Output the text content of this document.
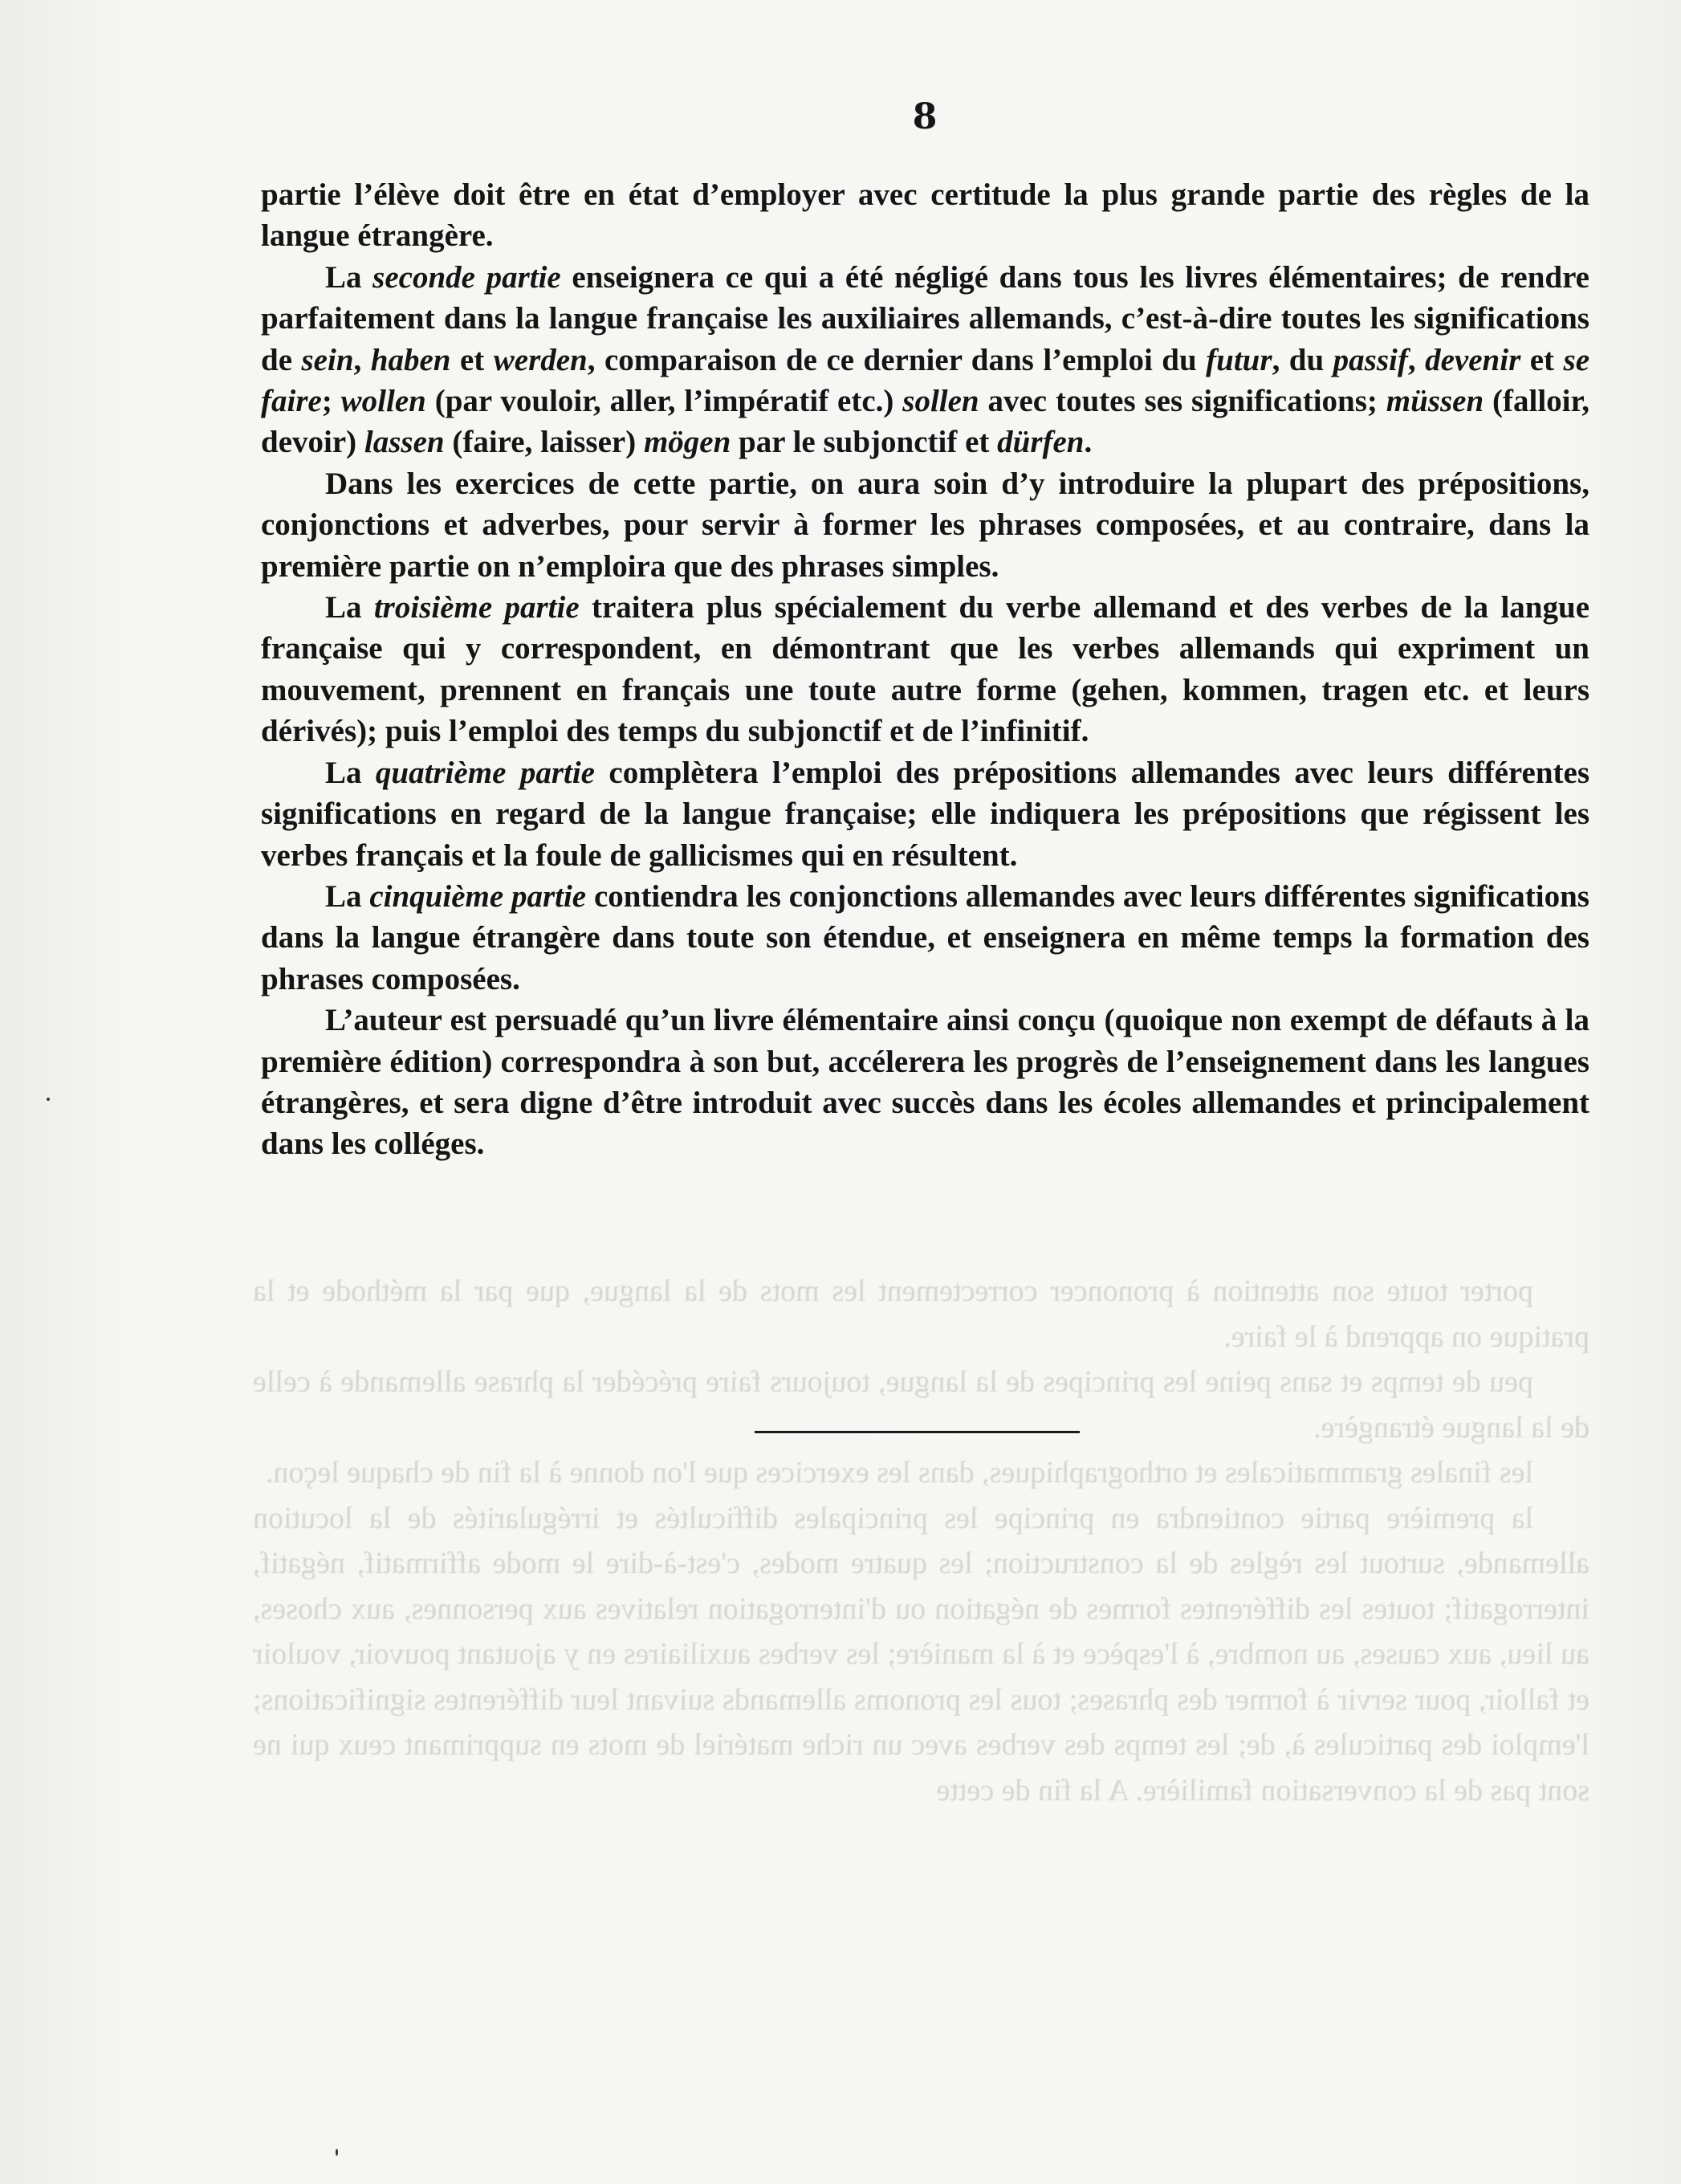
porter toute son attention à prononcer correctement les mots de la langue, que par la méthode et la pratique on apprend à le faire.

peu de temps et sans peine les principes de la langue, toujours faire précéder la phrase allemande à celle de la langue étrangère.

les finales grammaticales et orthographiques, dans les exercices que l'on donne à la fin de chaque leçon.

la première partie contiendra en principe les principales difficultés et irrégularités de la locution allemande, surtout les règles de la construction; les quatre modes, c'est-à-dire le mode affirmatif, négatif, interrogatif; toutes les différentes formes de négation ou d'interrogation relatives aux personnes, aux choses, au lieu, aux causes, au nombre, à l'espèce et à la manière; les verbes auxiliaires en y ajoutant pouvoir, vouloir et falloir, pour servir à former des phrases; tous les pronoms allemands suivant leur différentes significations; l'emploi des particules à, de; les temps des verbes avec un riche matériel de mots en supprimant ceux qui ne sont pas de la conversation familière. A la fin de cette

8

partie l’élève doit être en état d’employer avec certitude la plus grande partie des règles de la langue étrangère.

La seconde partie enseignera ce qui a été négligé dans tous les livres élémentaires; de rendre parfaitement dans la langue française les auxiliaires allemands, c’est-à-dire toutes les significations de sein, haben et werden, comparaison de ce dernier dans l’emploi du futur, du passif, devenir et se faire; wollen (par vouloir, aller, l’impératif etc.) sollen avec toutes ses significations; müssen (falloir, devoir) lassen (faire, laisser) mögen par le subjonctif et dürfen.

Dans les exercices de cette partie, on aura soin d’y introduire la plupart des prépositions, conjonctions et adverbes, pour servir à former les phrases composées, et au contraire, dans la première partie on n’emploira que des phrases simples.

La troisième partie traitera plus spécialement du verbe allemand et des verbes de la langue française qui y correspondent, en démontrant que les verbes allemands qui expriment un mouvement, prennent en français une toute autre forme (gehen, kommen, tragen etc. et leurs dérivés); puis l’emploi des temps du subjonctif et de l’infinitif.

La quatrième partie complètera l’emploi des prépositions allemandes avec leurs différentes significations en regard de la langue française; elle indiquera les prépositions que régissent les verbes français et la foule de gallicismes qui en résultent.

La cinquième partie contiendra les conjonctions allemandes avec leurs différentes significations dans la langue étrangère dans toute son étendue, et enseignera en même temps la formation des phrases composées.

L’auteur est persuadé qu’un livre élémentaire ainsi conçu (quoique non exempt de défauts à la première édition) correspondra à son but, accélerera les progrès de l’enseignement dans les langues étrangères, et sera digne d’être introduit avec succès dans les écoles allemandes et principalement dans les colléges.
